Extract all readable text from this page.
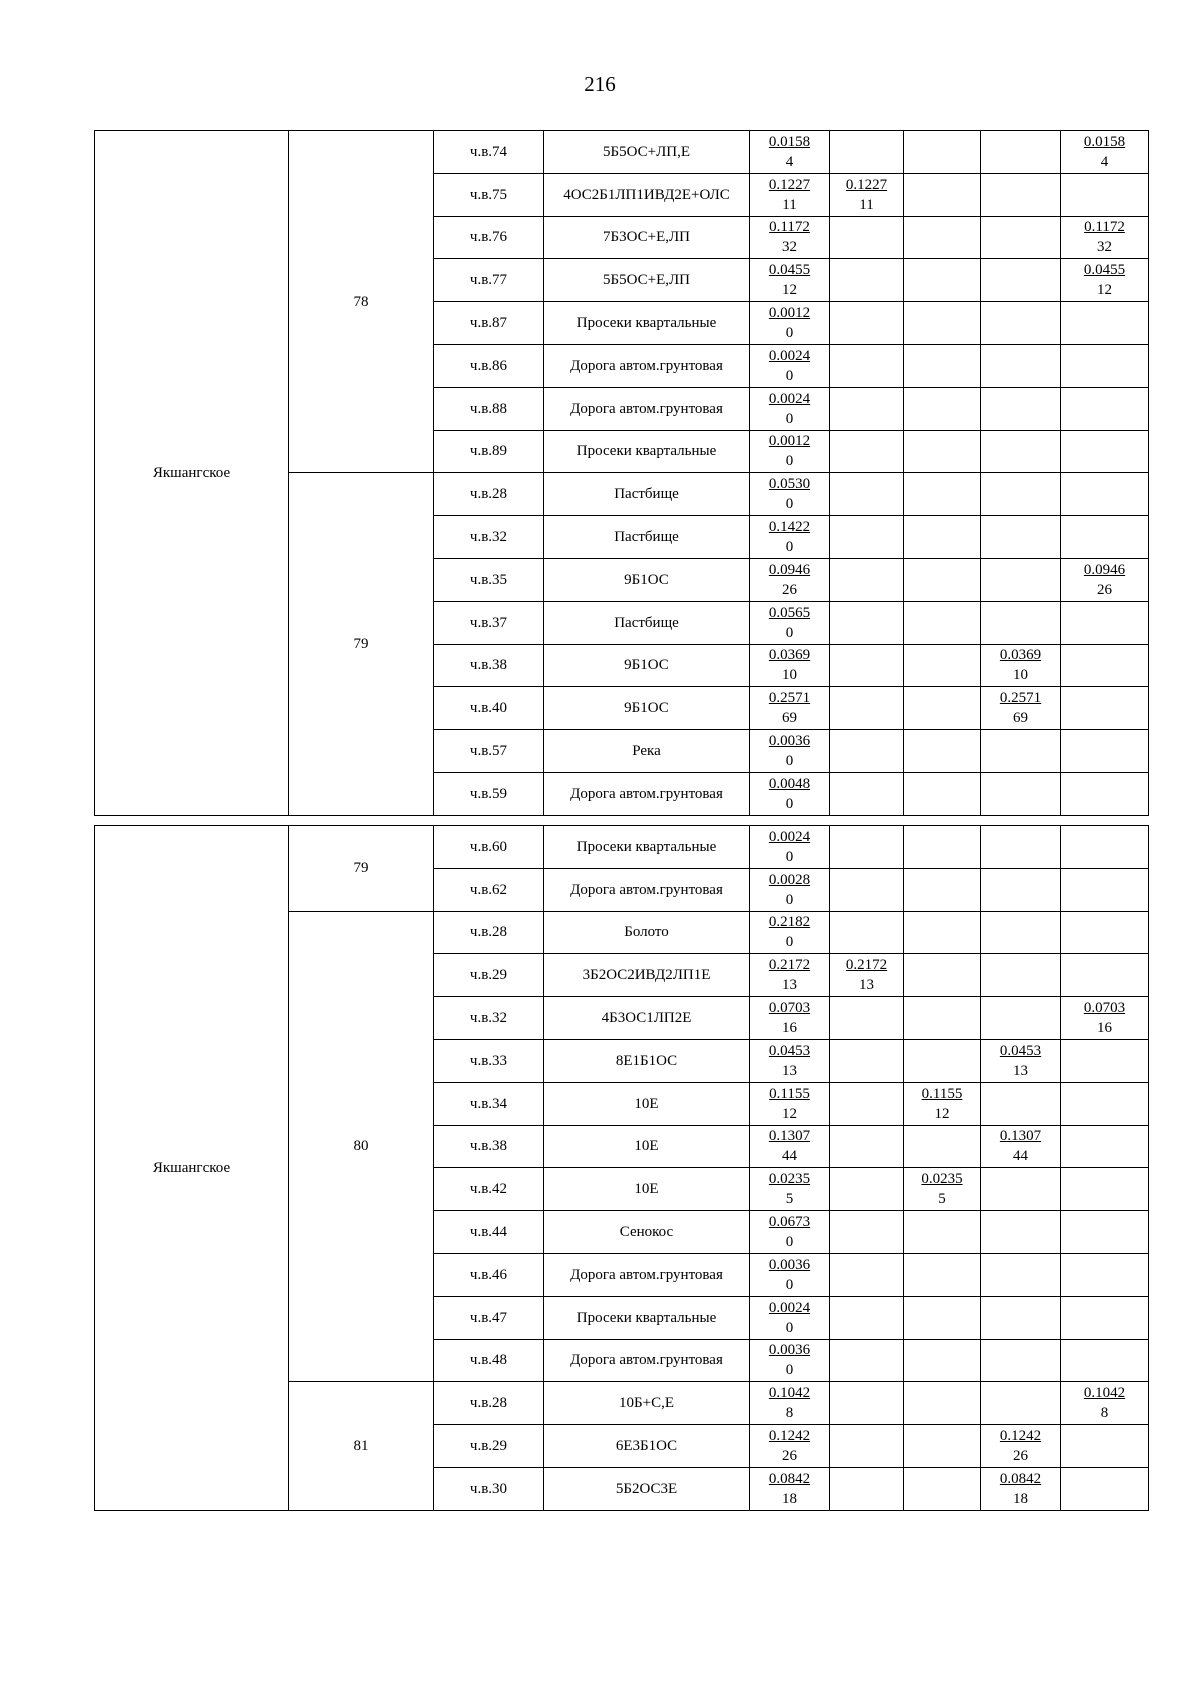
216
Якшангское	78	ч.в.74	5Б5ОС+ЛП,Е	$\frac{0.0158}{4}$				$\frac{0.0158}{4}$

		ч.в.75	4ОС2Б1ЛП1ИВД2Е+ОЛС	$\frac{0.1227}{11}$	$\frac{0.1227}{11}$

		ч.в.76	7Б3ОС+Е,ЛП	$\frac{0.1172}{32}$				$\frac{0.1172}{32}$

		ч.в.77	5Б5ОС+Е,ЛП	$\frac{0.0455}{12}$				$\frac{0.0455}{12}$

		ч.в.87	Просеки квартальные	$\frac{0.0012}{0}$

		ч.в.86	Дорога автом.грунтовая	$\frac{0.0024}{0}$

		ч.в.88	Дорога автом.грунтовая	$\frac{0.0024}{0}$

		ч.в.89	Просеки квартальные	$\frac{0.0012}{0}$

	79	ч.в.28	Пастбище	$\frac{0.0530}{0}$

		ч.в.32	Пастбище	$\frac{0.1422}{0}$

		ч.в.35	9Б1ОС	$\frac{0.0946}{26}$				$\frac{0.0946}{26}$

		ч.в.37	Пастбище	$\frac{0.0565}{0}$

		ч.в.38	9Б1ОС	$\frac{0.0369}{10}$			$\frac{0.0369}{10}$

		ч.в.40	9Б1ОС	$\frac{0.2571}{69}$			$\frac{0.2571}{69}$

		ч.в.57	Река	$\frac{0.0036}{0}$

		ч.в.59	Дорога автом.грунтовая	$\frac{0.0048}{0}$

Якшангское	79	ч.в.60	Просеки квартальные	$\frac{0.0024}{0}$

		ч.в.62	Дорога автом.грунтовая	$\frac{0.0028}{0}$

	80	ч.в.28	Болото	$\frac{0.2182}{0}$

		ч.в.29	3Б2ОС2ИВД2ЛП1Е	$\frac{0.2172}{13}$	$\frac{0.2172}{13}$

		ч.в.32	4Б3ОС1ЛП2Е	$\frac{0.0703}{16}$				$\frac{0.0703}{16}$

		ч.в.33	8Е1Б1ОС	$\frac{0.0453}{13}$			$\frac{0.0453}{13}$

		ч.в.34	10Е	$\frac{0.1155}{12}$		$\frac{0.1155}{12}$

		ч.в.38	10Е	$\frac{0.1307}{44}$			$\frac{0.1307}{44}$

		ч.в.42	10Е	$\frac{0.0235}{5}$		$\frac{0.0235}{5}$

		ч.в.44	Сенокос	$\frac{0.0673}{0}$

		ч.в.46	Дорога автом.грунтовая	$\frac{0.0036}{0}$

		ч.в.47	Просеки квартальные	$\frac{0.0024}{0}$

		ч.в.48	Дорога автом.грунтовая	$\frac{0.0036}{0}$

	81	ч.в.28	10Б+С,Е	$\frac{0.1042}{8}$				$\frac{0.1042}{8}$

		ч.в.29	6Е3Б1ОС	$\frac{0.1242}{26}$			$\frac{0.1242}{26}$

		ч.в.30	5Б2ОС3Е	$\frac{0.0842}{18}$			$\frac{0.0842}{18}$
